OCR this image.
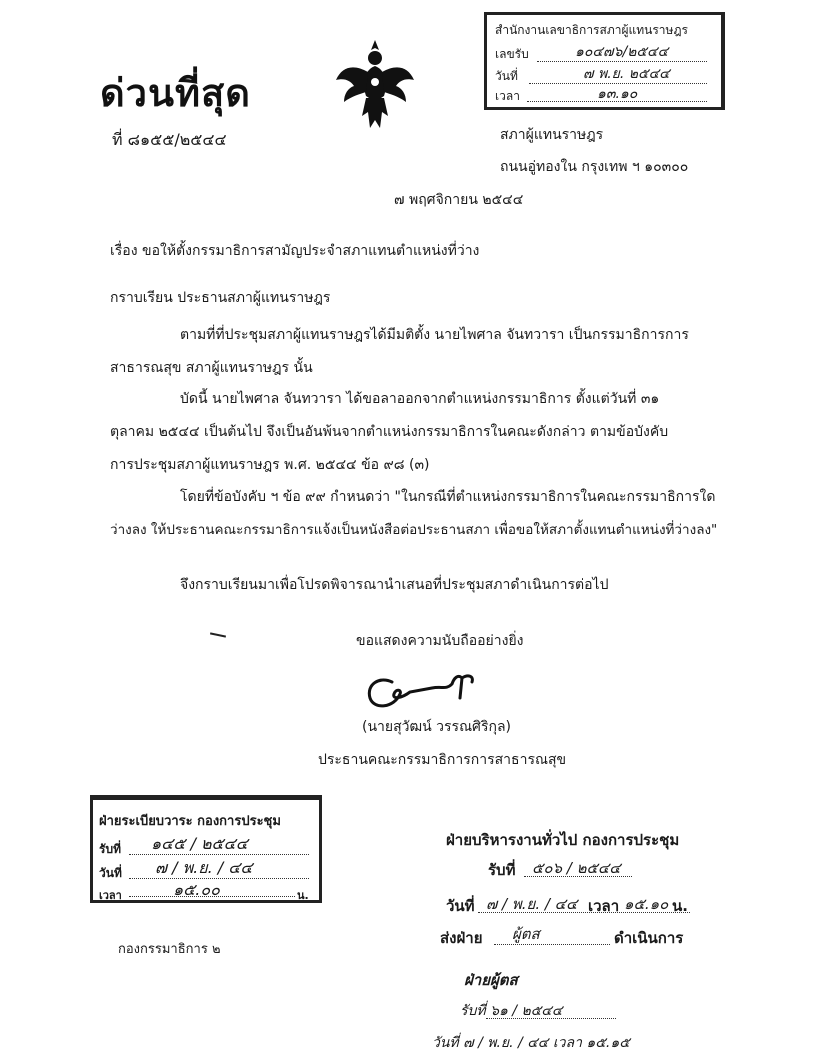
ด่วนที่สุด
ที่ ๘๑๕๕/๒๕๔๔
สำนักงานเลขาธิการสภาผู้แทนราษฎร
เลขรับ	๑๐๔๗๖/๒๕๔๔
วันที่	๗ พ.ย. ๒๕๔๔
เวลา	๑๓.๑๐
สภาผู้แทนราษฎร
ถนนอู่ทองใน กรุงเทพ ฯ ๑๐๓๐๐
๗ พฤศจิกายน ๒๕๔๔
เรื่อง ขอให้ตั้งกรรมาธิการสามัญประจำสภาแทนตำแหน่งที่ว่าง
กราบเรียน ประธานสภาผู้แทนราษฎร
ตามที่ที่ประชุมสภาผู้แทนราษฎรได้มีมติตั้ง นายไพศาล จันทวารา เป็นกรรมาธิการการ
สาธารณสุข สภาผู้แทนราษฎร นั้น
บัดนี้ นายไพศาล จันทวารา ได้ขอลาออกจากตำแหน่งกรรมาธิการ ตั้งแต่วันที่ ๓๑
ตุลาคม ๒๕๔๔ เป็นต้นไป จึงเป็นอันพ้นจากตำแหน่งกรรมาธิการในคณะดังกล่าว ตามข้อบังคับ
การประชุมสภาผู้แทนราษฎร พ.ศ. ๒๕๔๔ ข้อ ๙๘ (๓)
โดยที่ข้อบังคับ ฯ ข้อ ๙๙ กำหนดว่า "ในกรณีที่ตำแหน่งกรรมาธิการในคณะกรรมาธิการใด
ว่างลง ให้ประธานคณะกรรมาธิการแจ้งเป็นหนังสือต่อประธานสภา เพื่อขอให้สภาตั้งแทนตำแหน่งที่ว่างลง"
จึงกราบเรียนมาเพื่อโปรดพิจารณานำเสนอที่ประชุมสภาดำเนินการต่อไป
ขอแสดงความนับถืออย่างยิ่ง
(นายสุวัฒน์ วรรณศิริกุล)
ประธานคณะกรรมาธิการการสาธารณสุข
ฝ่ายระเบียบวาระ กองการประชุม
รับที่ ๑๔๕ / ๒๕๔๔
วันที่ ๗ / พ.ย. / ๔๔
เวลา	๑๕.๐๐	น.
กองกรรมาธิการ ๒
ฝ่ายบริหารงานทั่วไป กองการประชุม
รับที่ ๕๐๖ / ๒๕๔๔
วันที่ ๗ / พ.ย. / ๔๔ เวลา ๑๕.๑๐ น.
ส่งฝ่าย ผู้ตส	ดำเนินการ
ฝ่ายผู้ตส
รับที่ ๖๑ / ๒๕๔๔
วันที่ ๗ / พ.ย. / ๔๔ เวลา ๑๕.๑๕
